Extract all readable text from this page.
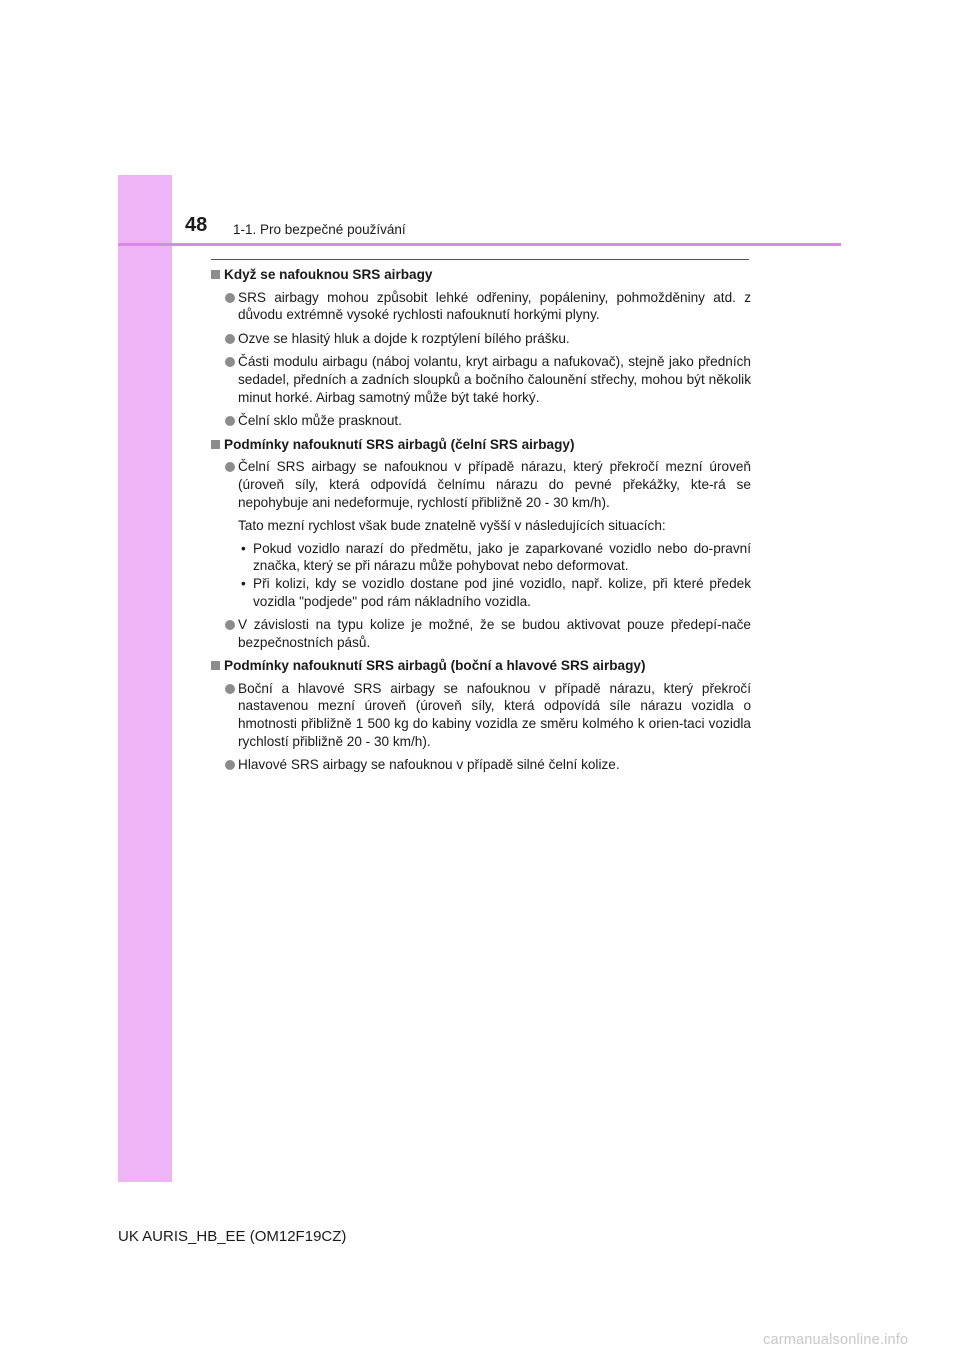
48 1-1. Pro bezpečné používání
Když se nafouknou SRS airbagy
SRS airbagy mohou způsobit lehké odřeniny, popáleniny, pohmožděniny atd. z důvodu extrémně vysoké rychlosti nafouknutí horkými plyny.
Ozve se hlasitý hluk a dojde k rozptýlení bílého prášku.
Části modulu airbagu (náboj volantu, kryt airbagu a nafukovač), stejně jako předních sedadel, předních a zadních sloupků a bočního čalounění střechy, mohou být několik minut horké. Airbag samotný může být také horký.
Čelní sklo může prasknout.
Podmínky nafouknutí SRS airbagů (čelní SRS airbagy)
Čelní SRS airbagy se nafouknou v případě nárazu, který překročí mezní úroveň (úroveň síly, která odpovídá čelnímu nárazu do pevné překážky, kte-rá se nepohybuje ani nedeformuje, rychlostí přibližně 20 - 30 km/h).
Tato mezní rychlost však bude znatelně vyšší v následujících situacích:
• Pokud vozidlo narazí do předmětu, jako je zaparkované vozidlo nebo do-pravní značka, který se při nárazu může pohybovat nebo deformovat.
• Při kolizi, kdy se vozidlo dostane pod jiné vozidlo, např. kolize, při které předek vozidla "podjede" pod rám nákladního vozidla.
V závislosti na typu kolize je možné, že se budou aktivovat pouze předepí-nače bezpečnostních pásů.
Podmínky nafouknutí SRS airbagů (boční a hlavové SRS airbagy)
Boční a hlavové SRS airbagy se nafouknou v případě nárazu, který překročí nastavenou mezní úroveň (úroveň síly, která odpovídá síle nárazu vozidla o hmotnosti přibližně 1 500 kg do kabiny vozidla ze směru kolmého k orien-taci vozidla rychlostí přibližně 20 - 30 km/h).
Hlavové SRS airbagy se nafouknou v případě silné čelní kolize.
UK AURIS_HB_EE (OM12F19CZ)
carmanualsonline.info
